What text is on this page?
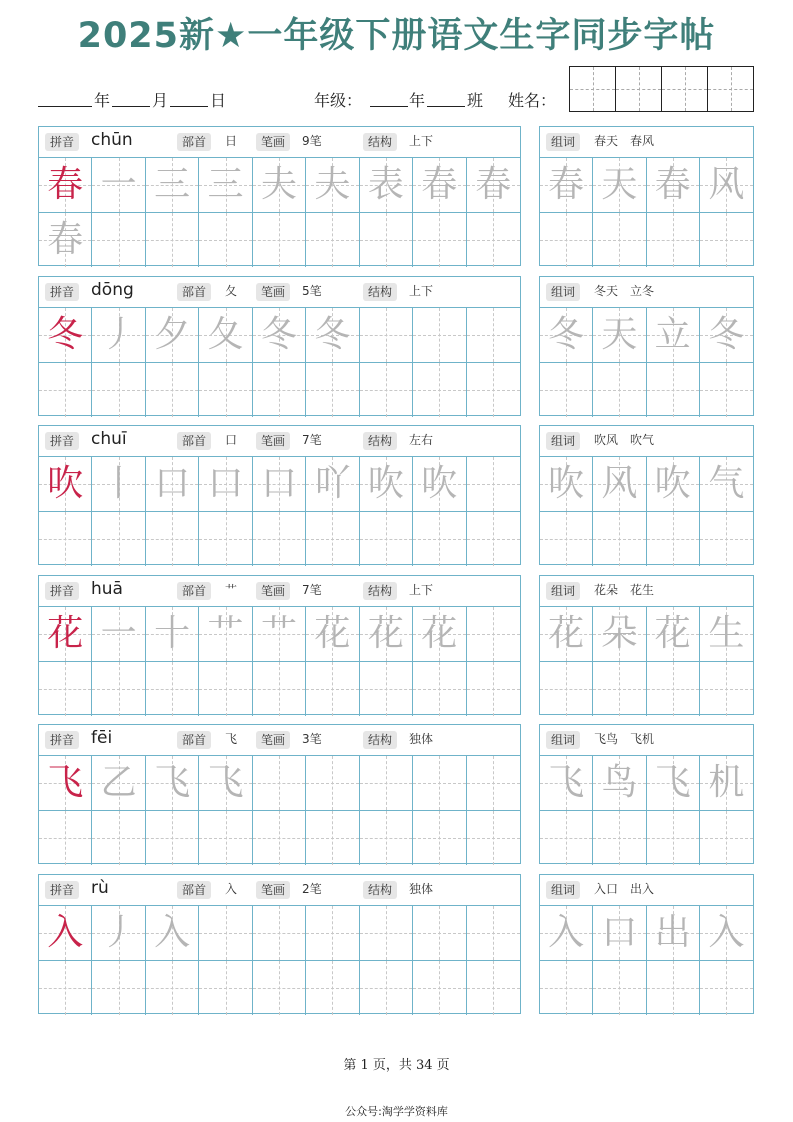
2025新★一年级下册语文生字同步字帖
年	月	日	年级：	年	班 姓名：
拼音 chūn	部首	日	笔画	9笔	结构	上下
春 一 三 三 夫 夫 表 春 春
春
组词	春天　春风
春 天 春 风
拼音 dōng	部首	夂	笔画	5笔	结构	上下
冬 丿 夕 夂 冬 冬
组词	冬天　立冬
冬 天 立 冬
拼音 chuī	部首	口	笔画	7笔	结构	左右
吹 丨 口 口 口 吖 吹 吹
组词	吹风　吹气
吹 风 吹 气
拼音 huā	部首	艹	笔画	7笔	结构	上下
花 一 十 艹 艹 花 花 花
组词	花朵　花生
花 朵 花 生
拼音 fēi	部首	飞	笔画	3笔	结构	独体
飞 乙 飞 飞
组词	飞鸟　飞机
飞 鸟 飞 机
拼音 rù	部首	入	笔画	2笔	结构	独体
入 丿 入
组词	入口　出入
入 口 出 入
第 1 页，共 34 页
公众号:淘学学资料库
